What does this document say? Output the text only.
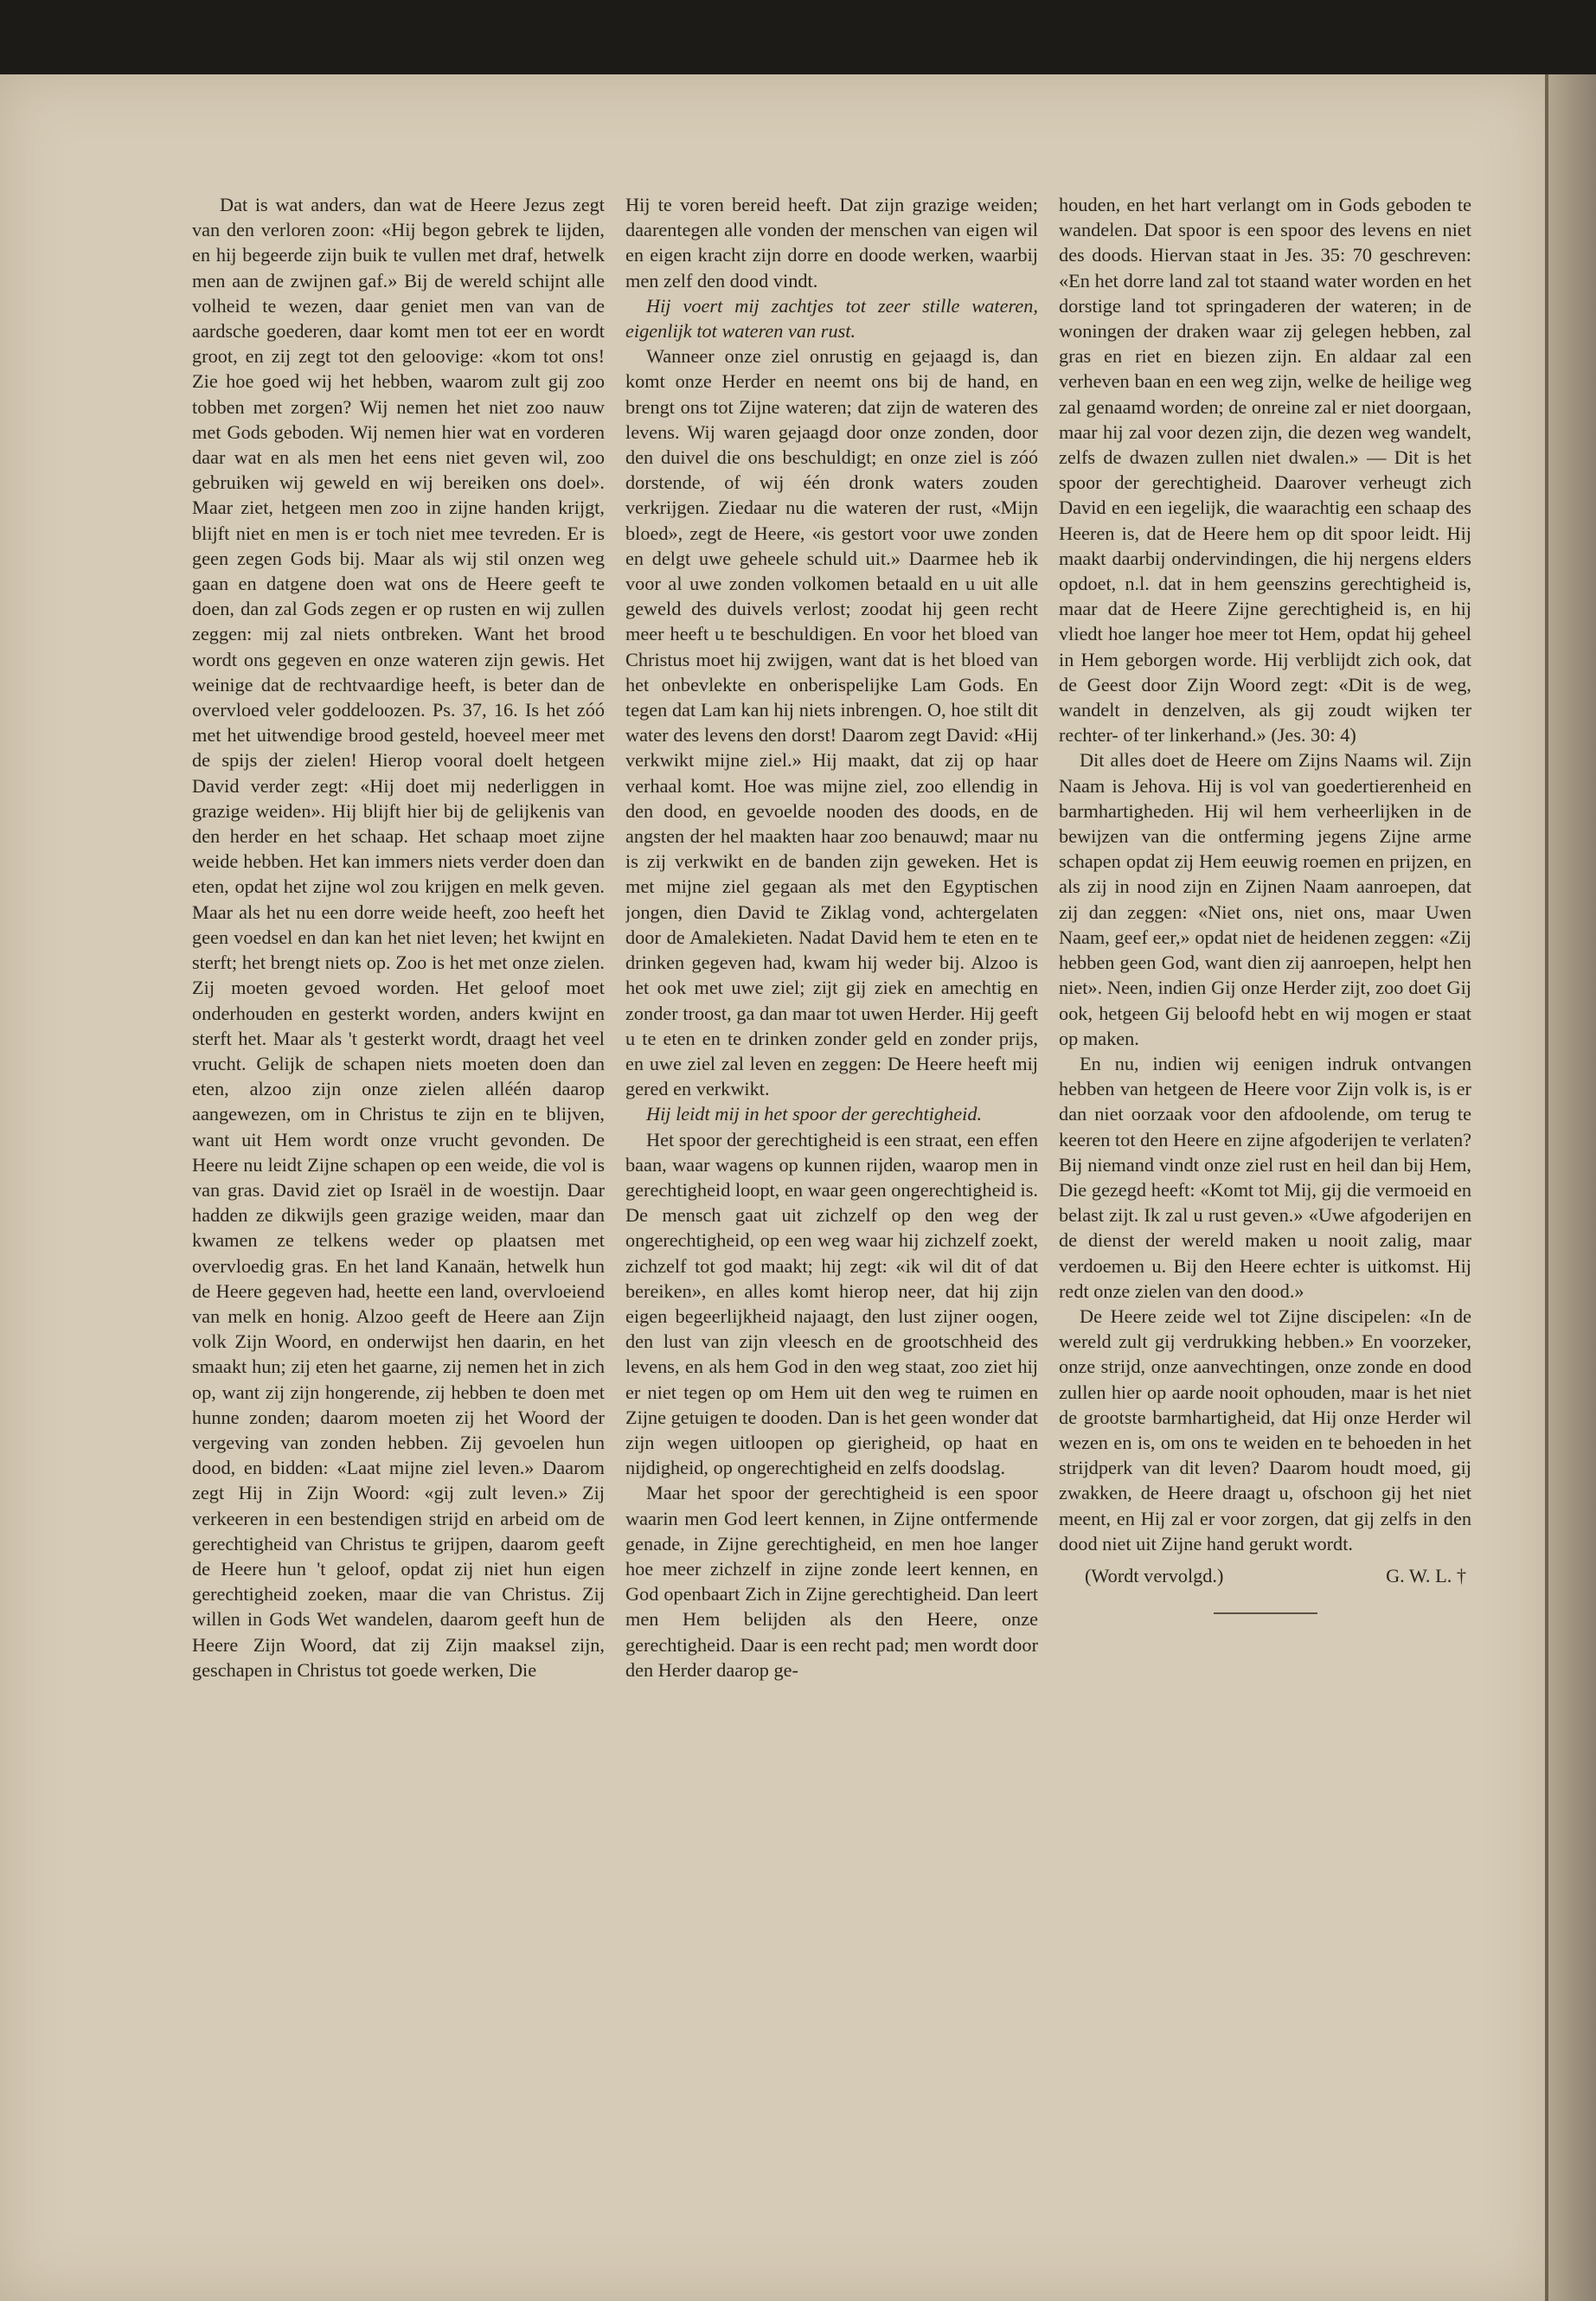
Dat is wat anders, dan wat de Heere Jezus zegt van den verloren zoon: «Hij begon gebrek te lijden, en hij begeerde zijn buik te vullen met draf, hetwelk men aan de zwijnen gaf.» Bij de wereld schijnt alle volheid te wezen, daar geniet men van van de aardsche goederen, daar komt men tot eer en wordt groot, en zij zegt tot den geloovige: «kom tot ons! Zie hoe goed wij het hebben, waarom zult gij zoo tobben met zorgen? Wij nemen het niet zoo nauw met Gods geboden. Wij nemen hier wat en vorderen daar wat en als men het eens niet geven wil, zoo gebruiken wij geweld en wij bereiken ons doel». Maar ziet, hetgeen men zoo in zijne handen krijgt, blijft niet en men is er toch niet mee tevreden. Er is geen zegen Gods bij. Maar als wij stil onzen weg gaan en datgene doen wat ons de Heere geeft te doen, dan zal Gods zegen er op rusten en wij zullen zeggen: mij zal niets ontbreken. Want het brood wordt ons gegeven en onze wateren zijn gewis. Het weinige dat de rechtvaardige heeft, is beter dan de overvloed veler goddeloozen. Ps. 37, 16. Is het zóó met het uitwendige brood gesteld, hoeveel meer met de spijs der zielen! Hierop vooral doelt hetgeen David verder zegt: «Hij doet mij nederliggen in grazige weiden». Hij blijft hier bij de gelijkenis van den herder en het schaap. Het schaap moet zijne weide hebben. Het kan immers niets verder doen dan eten, opdat het zijne wol zou krijgen en melk geven. Maar als het nu een dorre weide heeft, zoo heeft het geen voedsel en dan kan het niet leven; het kwijnt en sterft; het brengt niets op. Zoo is het met onze zielen. Zij moeten gevoed worden. Het geloof moet onderhouden en gesterkt worden, anders kwijnt en sterft het. Maar als 't gesterkt wordt, draagt het veel vrucht. Gelijk de schapen niets moeten doen dan eten, alzoo zijn onze zielen alléén daarop aangewezen, om in Christus te zijn en te blijven, want uit Hem wordt onze vrucht gevonden. De Heere nu leidt Zijne schapen op een weide, die vol is van gras. David ziet op Israël in de woestijn. Daar hadden ze dikwijls geen grazige weiden, maar dan kwamen ze telkens weder op plaatsen met overvloedig gras. En het land Kanaän, hetwelk hun de Heere gegeven had, heette een land, overvloeiend van melk en honig. Alzoo geeft de Heere aan Zijn volk Zijn Woord, en onderwijst hen daarin, en het smaakt hun; zij eten het gaarne, zij nemen het in zich op, want zij zijn hongerende, zij hebben te doen met hunne zonden; daarom moeten zij het Woord der vergeving van zonden hebben. Zij gevoelen hun dood, en bidden: «Laat mijne ziel leven.» Daarom zegt Hij in Zijn Woord: «gij zult leven.» Zij verkeeren in een bestendigen strijd en arbeid om de gerechtigheid van Christus te grijpen, daarom geeft de Heere hun 't geloof, opdat zij niet hun eigen gerechtigheid zoeken, maar die van Christus. Zij willen in Gods Wet wandelen, daarom geeft hun de Heere Zijn Woord, dat zij Zijn maaksel zijn, geschapen in Christus tot goede werken, Die

Hij te voren bereid heeft. Dat zijn grazige weiden; daarentegen alle vonden der menschen van eigen wil en eigen kracht zijn dorre en doode werken, waarbij men zelf den dood vindt.

Hij voert mij zachtjes tot zeer stille wateren, eigenlijk tot wateren van rust.

Wanneer onze ziel onrustig en gejaagd is, dan komt onze Herder en neemt ons bij de hand, en brengt ons tot Zijne wateren; dat zijn de wateren des levens. Wij waren gejaagd door onze zonden, door den duivel die ons beschuldigt; en onze ziel is zóó dorstende, of wij één dronk waters zouden verkrijgen. Ziedaar nu die wateren der rust, «Mijn bloed», zegt de Heere, «is gestort voor uwe zonden en delgt uwe geheele schuld uit.» Daarmee heb ik voor al uwe zonden volkomen betaald en u uit alle geweld des duivels verlost; zoodat hij geen recht meer heeft u te beschuldigen. En voor het bloed van Christus moet hij zwijgen, want dat is het bloed van het onbevlekte en onberispelijke Lam Gods. En tegen dat Lam kan hij niets inbrengen. O, hoe stilt dit water des levens den dorst! Daarom zegt David: «Hij verkwikt mijne ziel.» Hij maakt, dat zij op haar verhaal komt. Hoe was mijne ziel, zoo ellendig in den dood, en gevoelde nooden des doods, en de angsten der hel maakten haar zoo benauwd; maar nu is zij verkwikt en de banden zijn geweken. Het is met mijne ziel gegaan als met den Egyptischen jongen, dien David te Ziklag vond, achtergelaten door de Amalekieten. Nadat David hem te eten en te drinken gegeven had, kwam hij weder bij. Alzoo is het ook met uwe ziel; zijt gij ziek en amechtig en zonder troost, ga dan maar tot uwen Herder. Hij geeft u te eten en te drinken zonder geld en zonder prijs, en uwe ziel zal leven en zeggen: De Heere heeft mij gered en verkwikt.

Hij leidt mij in het spoor der gerechtigheid.

Het spoor der gerechtigheid is een straat, een effen baan, waar wagens op kunnen rijden, waarop men in gerechtigheid loopt, en waar geen ongerechtigheid is. De mensch gaat uit zichzelf op den weg der ongerechtigheid, op een weg waar hij zichzelf zoekt, zichzelf tot god maakt; hij zegt: «ik wil dit of dat bereiken», en alles komt hierop neer, dat hij zijn eigen begeerlijkheid najaagt, den lust zijner oogen, den lust van zijn vleesch en de grootschheid des levens, en als hem God in den weg staat, zoo ziet hij er niet tegen op om Hem uit den weg te ruimen en Zijne getuigen te dooden. Dan is het geen wonder dat zijn wegen uitloopen op gierigheid, op haat en nijdigheid, op ongerechtigheid en zelfs doodslag.

Maar het spoor der gerechtigheid is een spoor waarin men God leert kennen, in Zijne ontfermende genade, in Zijne gerechtigheid, en men hoe langer hoe meer zichzelf in zijne zonde leert kennen, en God openbaart Zich in Zijne gerechtigheid. Dan leert men Hem belijden als den Heere, onze gerechtigheid. Daar is een recht pad; men wordt door den Herder daarop ge-

houden, en het hart verlangt om in Gods geboden te wandelen. Dat spoor is een spoor des levens en niet des doods. Hiervan staat in Jes. 35: 70 geschreven: «En het dorre land zal tot staand water worden en het dorstige land tot springaderen der wateren; in de woningen der draken waar zij gelegen hebben, zal gras en riet en biezen zijn. En aldaar zal een verheven baan en een weg zijn, welke de heilige weg zal genaamd worden; de onreine zal er niet doorgaan, maar hij zal voor dezen zijn, die dezen weg wandelt, zelfs de dwazen zullen niet dwalen.» — Dit is het spoor der gerechtigheid. Daarover verheugt zich David en een iegelijk, die waarachtig een schaap des Heeren is, dat de Heere hem op dit spoor leidt. Hij maakt daarbij ondervindingen, die hij nergens elders opdoet, n.l. dat in hem geenszins gerechtigheid is, maar dat de Heere Zijne gerechtigheid is, en hij vliedt hoe langer hoe meer tot Hem, opdat hij geheel in Hem geborgen worde. Hij verblijdt zich ook, dat de Geest door Zijn Woord zegt: «Dit is de weg, wandelt in denzelven, als gij zoudt wijken ter rechter- of ter linkerhand.» (Jes. 30: 4)

Dit alles doet de Heere om Zijns Naams wil. Zijn Naam is Jehova. Hij is vol van goedertierenheid en barmhartigheden. Hij wil hem verheerlijken in de bewijzen van die ontferming jegens Zijne arme schapen opdat zij Hem eeuwig roemen en prijzen, en als zij in nood zijn en Zijnen Naam aanroepen, dat zij dan zeggen: «Niet ons, niet ons, maar Uwen Naam, geef eer,» opdat niet de heidenen zeggen: «Zij hebben geen God, want dien zij aanroepen, helpt hen niet». Neen, indien Gij onze Herder zijt, zoo doet Gij ook, hetgeen Gij beloofd hebt en wij mogen er staat op maken.

En nu, indien wij eenigen indruk ontvangen hebben van hetgeen de Heere voor Zijn volk is, is er dan niet oorzaak voor den afdoolende, om terug te keeren tot den Heere en zijne afgoderijen te verlaten? Bij niemand vindt onze ziel rust en heil dan bij Hem, Die gezegd heeft: «Komt tot Mij, gij die vermoeid en belast zijt. Ik zal u rust geven.» «Uwe afgoderijen en de dienst der wereld maken u nooit zalig, maar verdoemen u. Bij den Heere echter is uitkomst. Hij redt onze zielen van den dood.»

De Heere zeide wel tot Zijne discipelen: «In de wereld zult gij verdrukking hebben.» En voorzeker, onze strijd, onze aanvechtingen, onze zonde en dood zullen hier op aarde nooit ophouden, maar is het niet de grootste barmhartigheid, dat Hij onze Herder wil wezen en is, om ons te weiden en te behoeden in het strijdperk van dit leven? Daarom houdt moed, gij zwakken, de Heere draagt u, ofschoon gij het niet meent, en Hij zal er voor zorgen, dat gij zelfs in den dood niet uit Zijne hand gerukt wordt.

(Wordt vervolgd.)	G. W. L. †
